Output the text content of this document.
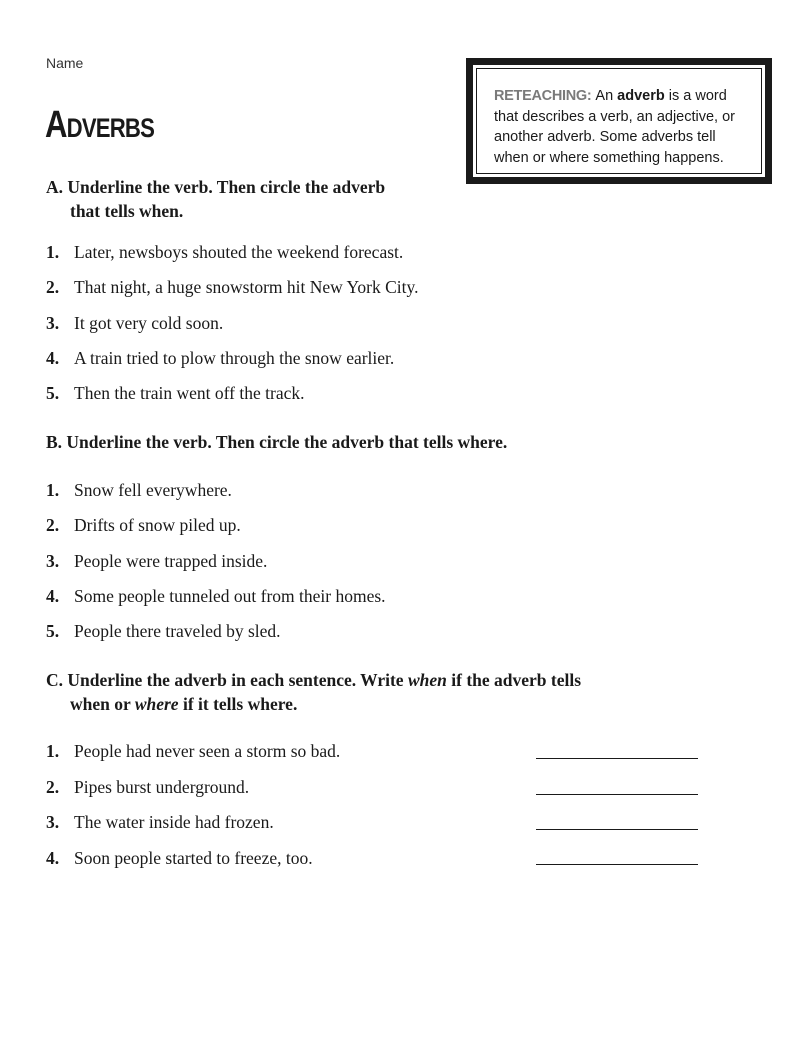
Name
Adverbs
RETEACHING: An adverb is a word that describes a verb, an adjective, or another adverb. Some adverbs tell when or where something happens.
A. Underline the verb. Then circle the adverb
that tells when.
1. Later, newsboys shouted the weekend forecast.
2. That night, a huge snowstorm hit New York City.
3. It got very cold soon.
4. A train tried to plow through the snow earlier.
5. Then the train went off the track.
B. Underline the verb. Then circle the adverb that tells where.
1. Snow fell everywhere.
2. Drifts of snow piled up.
3. People were trapped inside.
4. Some people tunneled out from their homes.
5. People there traveled by sled.
C. Underline the adverb in each sentence. Write when if the adverb tells
when or where if it tells where.
1. People had never seen a storm so bad.
2. Pipes burst underground.
3. The water inside had frozen.
4. Soon people started to freeze, too.
